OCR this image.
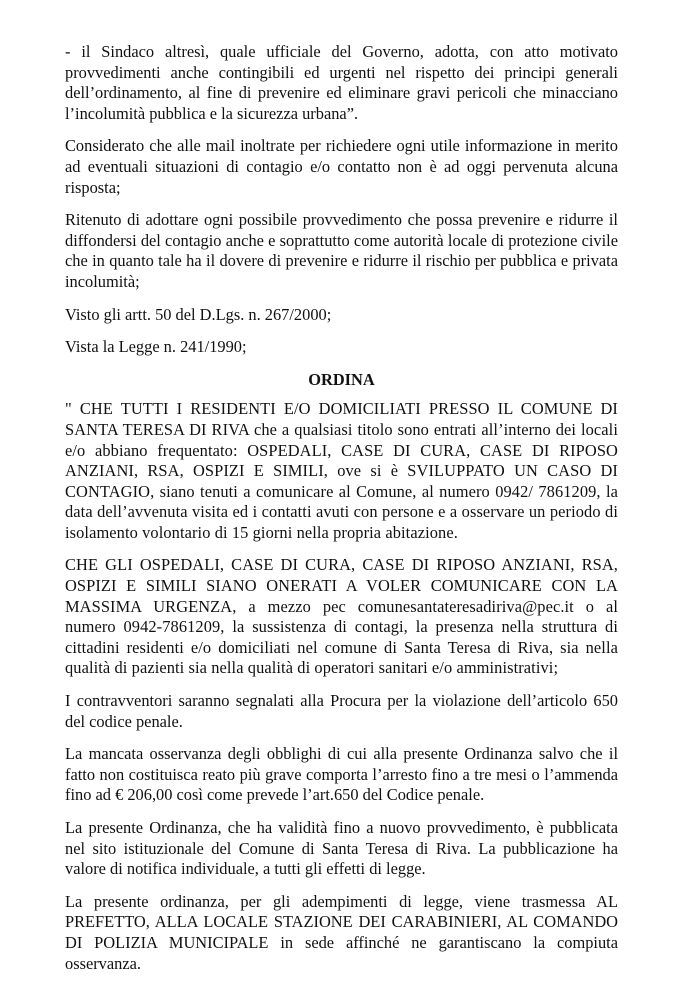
- il Sindaco altresì, quale ufficiale del Governo, adotta, con atto motivato provvedimenti anche contingibili ed urgenti nel rispetto dei principi generali dell’ordinamento, al fine di prevenire ed eliminare gravi pericoli che minacciano l’incolumità pubblica e la sicurezza urbana”.

Considerato che alle mail inoltrate per richiedere ogni utile informazione in merito ad eventuali situazioni di contagio e/o contatto non è ad oggi pervenuta alcuna risposta;

Ritenuto di adottare ogni possibile provvedimento che possa prevenire e ridurre il diffondersi del contagio anche e soprattutto come autorità locale di protezione civile che in quanto tale ha il dovere di prevenire e ridurre il rischio per pubblica e privata incolumità;

Visto gli artt. 50 del D.Lgs. n. 267/2000;

Vista la Legge n. 241/1990;

ORDINA

" CHE TUTTI I RESIDENTI E/O DOMICILIATI PRESSO IL COMUNE DI SANTA TERESA DI RIVA che a qualsiasi titolo sono entrati all’interno dei locali e/o abbiano frequentato: OSPEDALI, CASE DI CURA, CASE DI RIPOSO ANZIANI, RSA, OSPIZI E SIMILI, ove si è SVILUPPATO UN CASO DI CONTAGIO, siano tenuti a comunicare al Comune, al numero 0942/ 7861209, la data dell’avvenuta visita ed i contatti avuti con persone e a osservare un periodo di isolamento volontario di 15 giorni nella propria abitazione.

CHE GLI OSPEDALI, CASE DI CURA, CASE DI RIPOSO ANZIANI, RSA, OSPIZI E SIMILI SIANO ONERATI A VOLER COMUNICARE CON LA MASSIMA URGENZA, a mezzo pec comunesantateresadiriva@pec.it o al numero 0942-7861209, la sussistenza di contagi, la presenza nella struttura di cittadini residenti e/o domiciliati nel comune di Santa Teresa di Riva, sia nella qualità di pazienti sia nella qualità di operatori sanitari e/o amministrativi;

I contravventori saranno segnalati alla Procura per la violazione dell’articolo 650 del codice penale.

La mancata osservanza degli obblighi di cui alla presente Ordinanza salvo che il fatto non costituisca reato più grave comporta l’arresto fino a tre mesi o l’ammenda fino ad € 206,00 così come prevede l’art.650 del Codice penale.

La presente Ordinanza, che ha validità fino a nuovo provvedimento, è pubblicata nel sito istituzionale del Comune di Santa Teresa di Riva. La pubblicazione ha valore di notifica individuale, a tutti gli effetti di legge.

La presente ordinanza, per gli adempimenti di legge, viene trasmessa AL PREFETTO, ALLA LOCALE STAZIONE DEI CARABINIERI, AL COMANDO DI POLIZIA MUNICIPALE in sede affinché ne garantiscano la compiuta osservanza.
